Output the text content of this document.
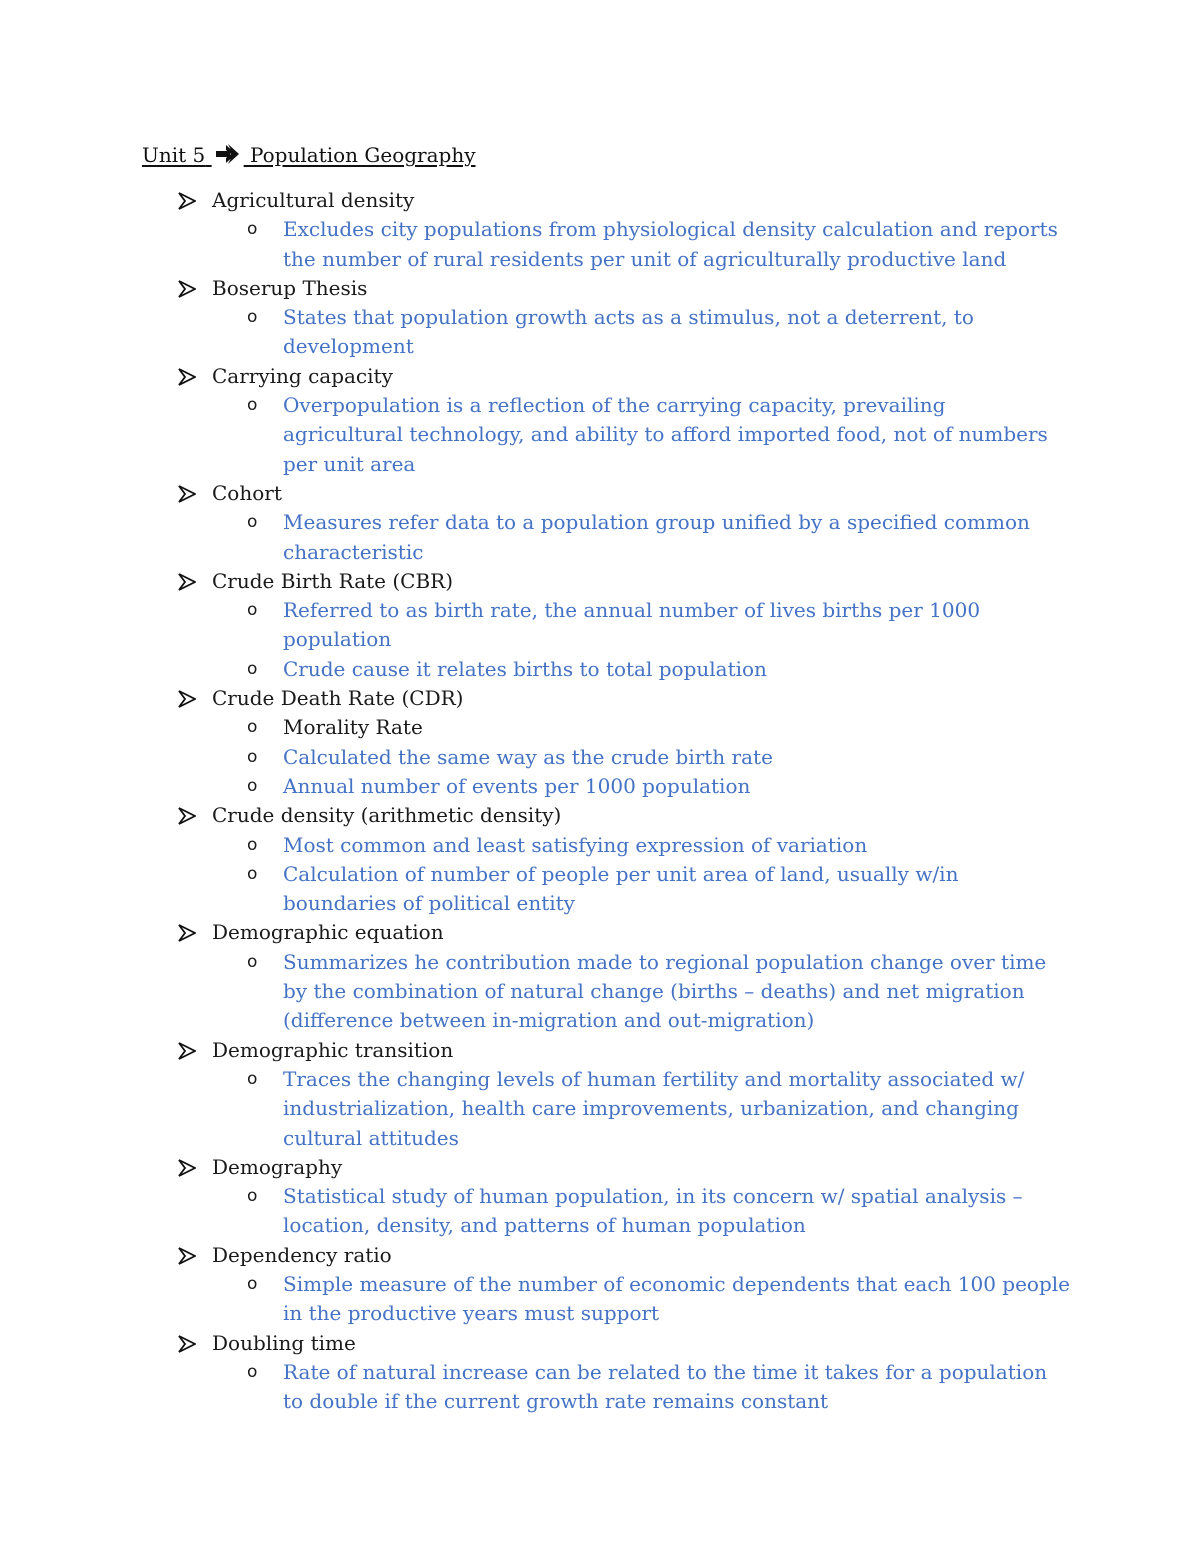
Unit 5 Population Geography
Agricultural density
o Excludes city populations from physiological density calculation and reports the number of rural residents per unit of agriculturally productive land
Boserup Thesis
o States that population growth acts as a stimulus, not a deterrent, to development
Carrying capacity
o Overpopulation is a reflection of the carrying capacity, prevailing agricultural technology, and ability to afford imported food, not of numbers per unit area
Cohort
o Measures refer data to a population group unified by a specified common characteristic
Crude Birth Rate (CBR)
o Referred to as birth rate, the annual number of lives births per 1000 population
o Crude cause it relates births to total population
Crude Death Rate (CDR)
o Morality Rate
o Calculated the same way as the crude birth rate
o Annual number of events per 1000 population
Crude density (arithmetic density)
o Most common and least satisfying expression of variation
o Calculation of number of people per unit area of land, usually w/in boundaries of political entity
Demographic equation
o Summarizes he contribution made to regional population change over time by the combination of natural change (births – deaths) and net migration (difference between in-migration and out-migration)
Demographic transition
o Traces the changing levels of human fertility and mortality associated w/ industrialization, health care improvements, urbanization, and changing cultural attitudes
Demography
o Statistical study of human population, in its concern w/ spatial analysis – location, density, and patterns of human population
Dependency ratio
o Simple measure of the number of economic dependents that each 100 people in the productive years must support
Doubling time
o Rate of natural increase can be related to the time it takes for a population to double if the current growth rate remains constant
